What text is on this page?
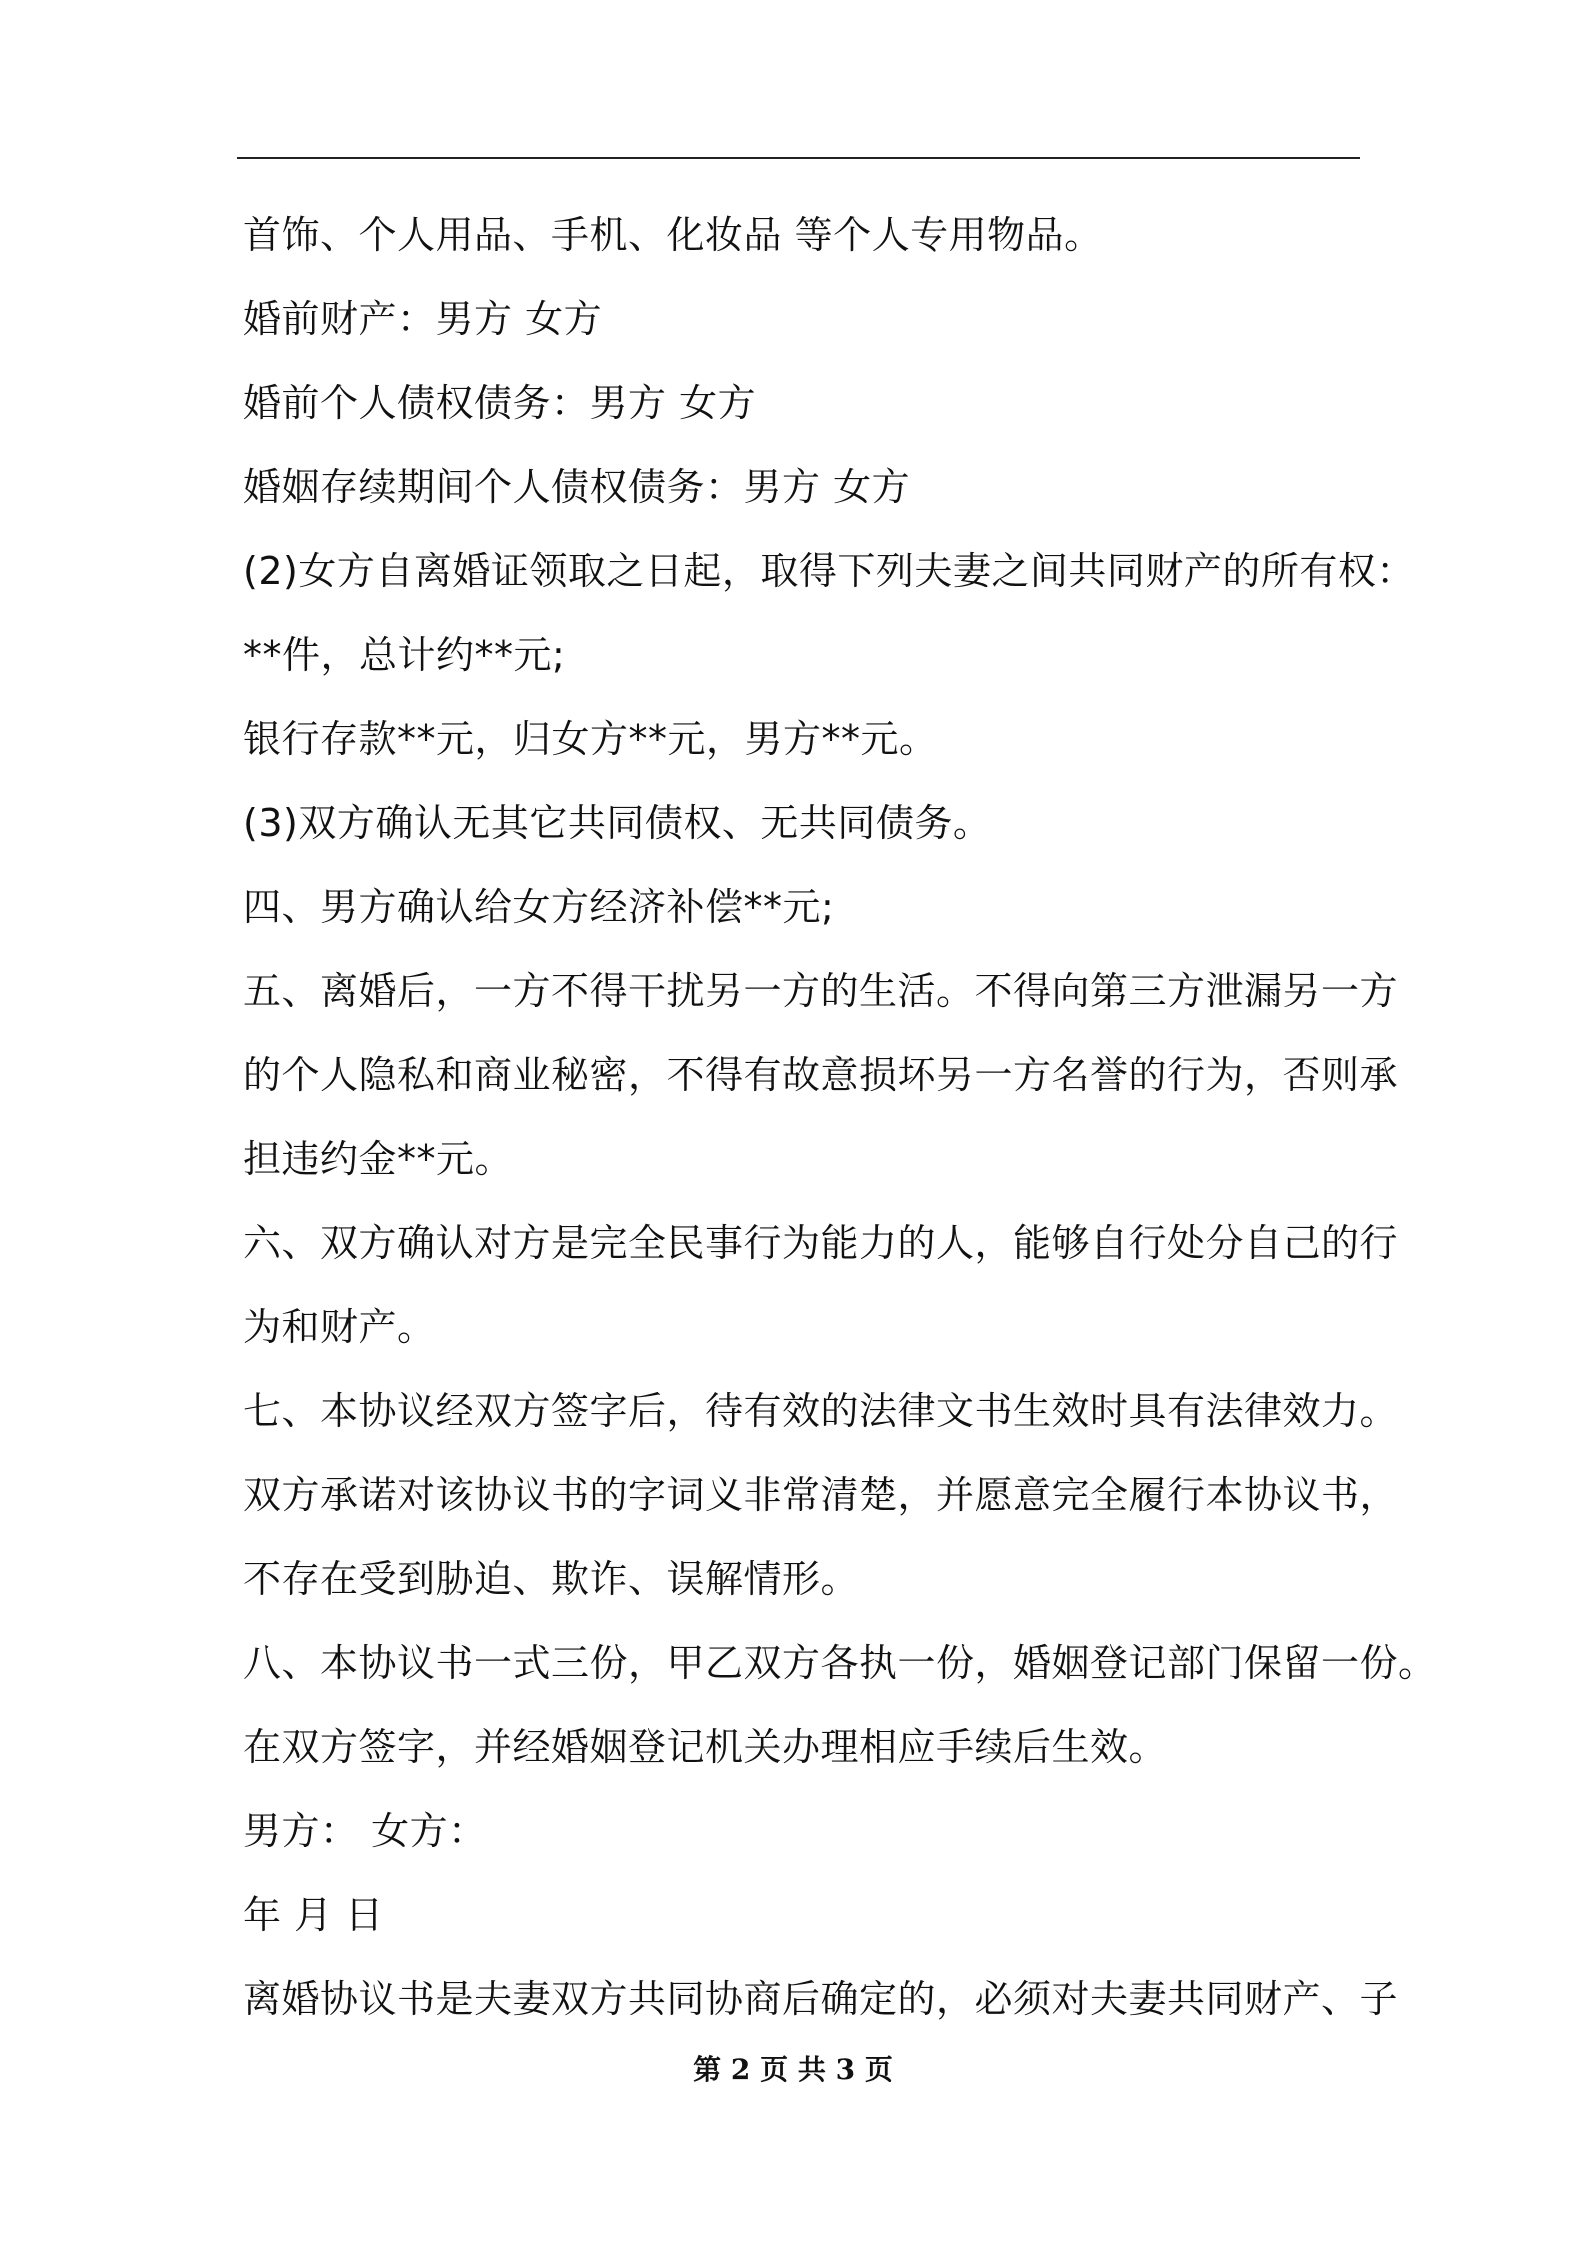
首饰、个人用品、手机、化妆品 等个人专用物品。
婚前财产：男方 女方
婚前个人债权债务：男方 女方
婚姻存续期间个人债权债务：男方 女方
(2)女方自离婚证领取之日起，取得下列夫妻之间共同财产的所有权：
**件，总计约**元;
银行存款**元，归女方**元，男方**元。
(3)双方确认无其它共同债权、无共同债务。
四、男方确认给女方经济补偿**元;
五、离婚后，一方不得干扰另一方的生活。不得向第三方泄漏另一方
的个人隐私和商业秘密，不得有故意损坏另一方名誉的行为，否则承
担违约金**元。
六、双方确认对方是完全民事行为能力的人，能够自行处分自己的行
为和财产。
七、本协议经双方签字后，待有效的法律文书生效时具有法律效力。
双方承诺对该协议书的字词义非常清楚，并愿意完全履行本协议书，
不存在受到胁迫、欺诈、误解情形。
八、本协议书一式三份，甲乙双方各执一份，婚姻登记部门保留一份。
在双方签字，并经婚姻登记机关办理相应手续后生效。
男方： 女方：
年 月 日
离婚协议书是夫妻双方共同协商后确定的，必须对夫妻共同财产、子
第 2 页 共 3 页
